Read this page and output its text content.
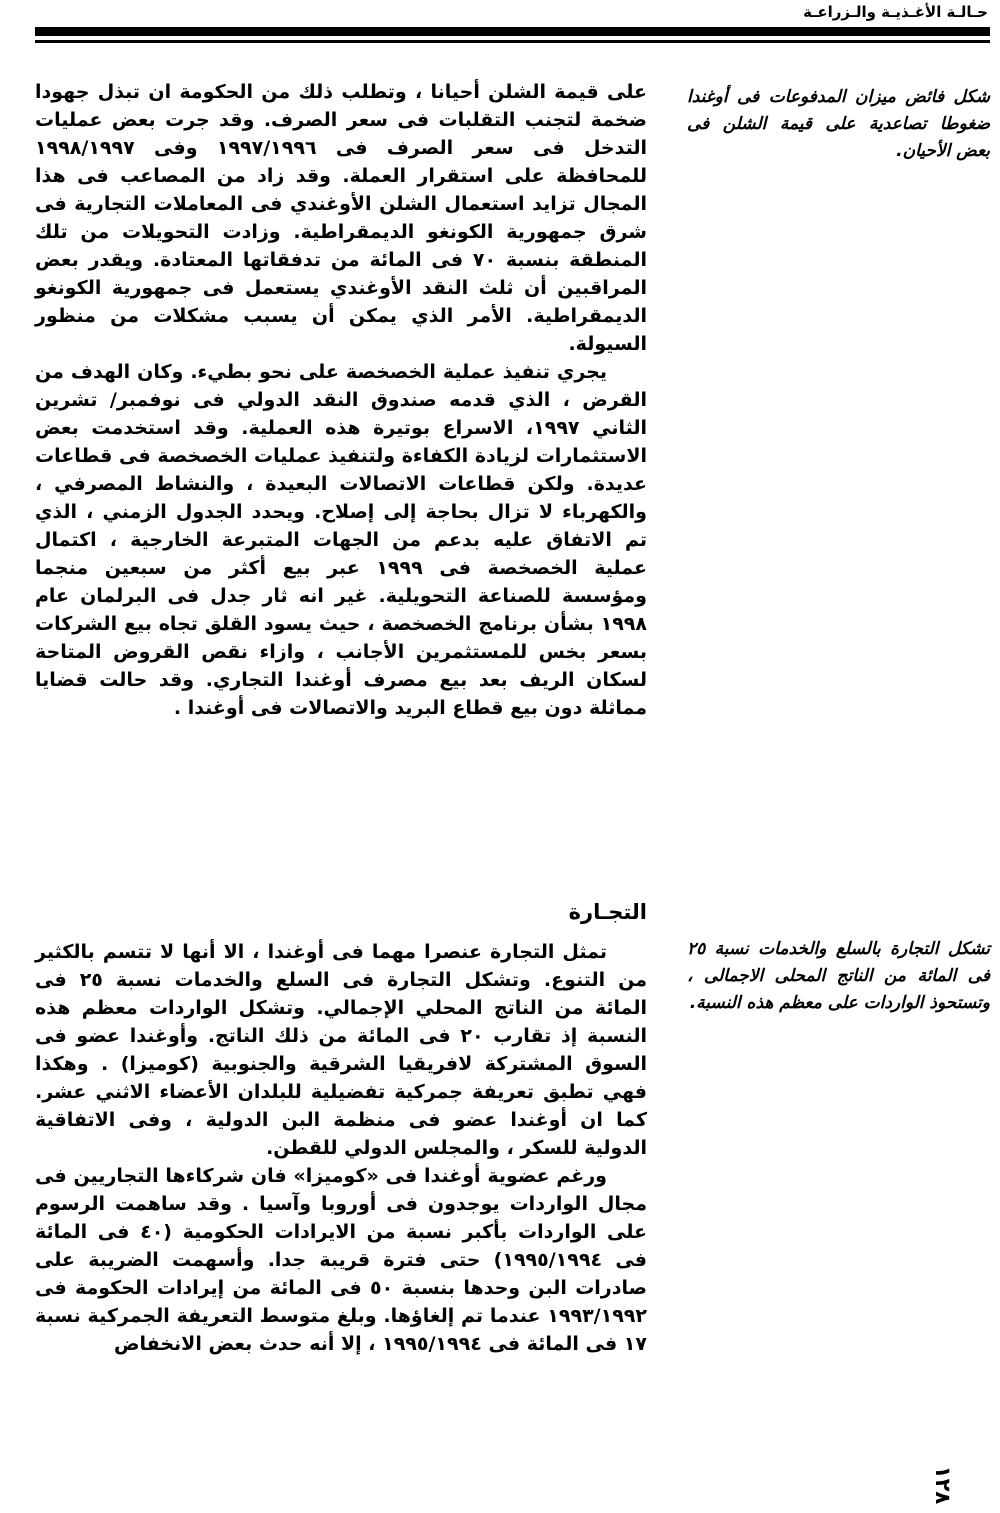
حـالـة الأغـذيـة والـزراعـة
شكل فائض ميزان المدفوعات فى أوغندا ضغوطا تصاعدية على قيمة الشلن فى بعض الأحيان.
تشكل التجارة بالسلع والخدمات نسبة ٢٥ فى المائة من الناتج المحلى الاجمالى ، وتستحوذ الواردات على معظم هذه النسبة.

على قيمة الشلن أحيانا ، وتطلب ذلك من الحكومة ان تبذل جهودا ضخمة لتجنب التقلبات فى سعر الصرف. وقد جرت بعض عمليات التدخل فى سعر الصرف فى ١٩٩٧/١٩٩٦ وفى ١٩٩٨/١٩٩٧ للمحافظة على استقرار العملة. وقد زاد من المصاعب فى هذا المجال تزايد استعمال الشلن الأوغندي فى المعاملات التجارية فى شرق جمهورية الكونغو الديمقراطية. وزادت التحويلات من تلك المنطقة بنسبة ٧٠ فى المائة من تدفقاتها المعتادة. ويقدر بعض المراقبين أن ثلث النقد الأوغندي يستعمل فى جمهورية الكونغو الديمقراطية. الأمر الذي يمكن أن يسبب مشكلات من منظور السيولة.

يجري تنفيذ عملية الخصخصة على نحو بطيء. وكان الهدف من القرض ، الذي قدمه صندوق النقد الدولي فى نوفمبر/ تشرين الثاني ١٩٩٧، الاسراع بوتيرة هذه العملية. وقد استخدمت بعض الاستثمارات لزيادة الكفاءة ولتنفيذ عمليات الخصخصة فى قطاعات عديدة. ولكن قطاعات الاتصالات البعيدة ، والنشاط المصرفي ، والكهرباء لا تزال بحاجة إلى إصلاح. ويحدد الجدول الزمني ، الذي تم الاتفاق عليه بدعم من الجهات المتبرعة الخارجية ، اكتمال عملية الخصخصة فى ١٩٩٩ عبر بيع أكثر من سبعين منجما ومؤسسة للصناعة التحويلية. غير انه ثار جدل فى البرلمان عام ١٩٩٨ بشأن برنامج الخصخصة ، حيث يسود القلق تجاه بيع الشركات بسعر بخس للمستثمرين الأجانب ، وازاء نقص القروض المتاحة لسكان الريف بعد بيع مصرف أوغندا التجاري. وقد حالت قضايا مماثلة دون بيع قطاع البريد والاتصالات فى أوغندا .

التجـارة

تمثل التجارة عنصرا مهما فى أوغندا ، الا أنها لا تتسم بالكثير من التنوع. وتشكل التجارة فى السلع والخدمات نسبة ٢٥ فى المائة من الناتج المحلي الإجمالي. وتشكل الواردات معظم هذه النسبة إذ تقارب ٢٠ فى المائة من ذلك الناتج. وأوغندا عضو فى السوق المشتركة لافريقيا الشرقية والجنوبية (كوميزا) . وهكذا فهي تطبق تعريفة جمركية تفضيلية للبلدان الأعضاء الاثني عشر. كما ان أوغندا عضو فى منظمة البن الدولية ، وفى الاتفاقية الدولية للسكر ، والمجلس الدولي للقطن.

ورغم عضوية أوغندا فى «كوميزا» فان شركاءها التجاريين فى مجال الواردات يوجدون فى أوروبا وآسيا . وقد ساهمت الرسوم على الواردات بأكبر نسبة من الايرادات الحكومية (٤٠ فى المائة فى ١٩٩٥/١٩٩٤) حتى فترة قريبة جدا. وأسهمت الضريبة على صادرات البن وحدها بنسبة ٥٠ فى المائة من إيرادات الحكومة فى ١٩٩٣/١٩٩٢ عندما تم إلغاؤها. وبلغ متوسط التعريفة الجمركية نسبة ١٧ فى المائة فى ١٩٩٥/١٩٩٤ ، إلا أنه حدث بعض الانخفاض

١٢٨
